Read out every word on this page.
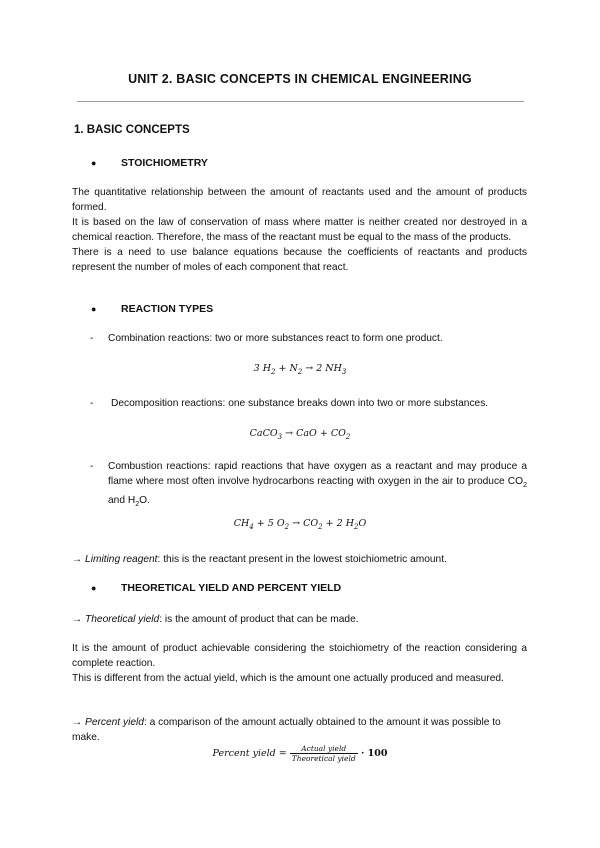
UNIT 2. BASIC CONCEPTS IN CHEMICAL ENGINEERING
1. BASIC CONCEPTS
● STOICHIOMETRY

The quantitative relationship between the amount of reactants used and the amount of products formed.

It is based on the law of conservation of mass where matter is neither created nor destroyed in a chemical reaction. Therefore, the mass of the reactant must be equal to the mass of the products.

There is a need to use balance equations because the coefficients of reactants and products represent the number of moles of each component that react.

● REACTION TYPES
- Combination reactions: two or more substances react to form one product.
3 $H_2 + N_2 \to 2$ $NH_3$
- Decomposition reactions: one substance breaks down into two or more substances.
CaCO$_3$ → CaO + $CO_2$
- Combustion reactions: rapid reactions that have oxygen as a reactant and may produce a flame where most often involve hydrocarbons reacting with oxygen in the air to produce $CO_2$ and $H_2O$.
$CH_4 + 5$ $O_2 \to CO_2 + 2$ $H_2O$
→ Limiting reagent: this is the reactant present in the lowest stoichiometric amount.
● THEORETICAL YIELD AND PERCENT YIELD
→ Theoretical yield: is the amount of product that can be made.

It is the amount of product achievable considering the stoichiometry of the reaction considering a complete reaction.

This is different from the actual yield, which is the amount one actually produced and measured.

→ Percent yield: a comparison of the amount actually obtained to the amount it was possible to make.
Percent yield = $\frac{\text{Actual yield}}{\text{Theoretical yield}} \cdot 100$
